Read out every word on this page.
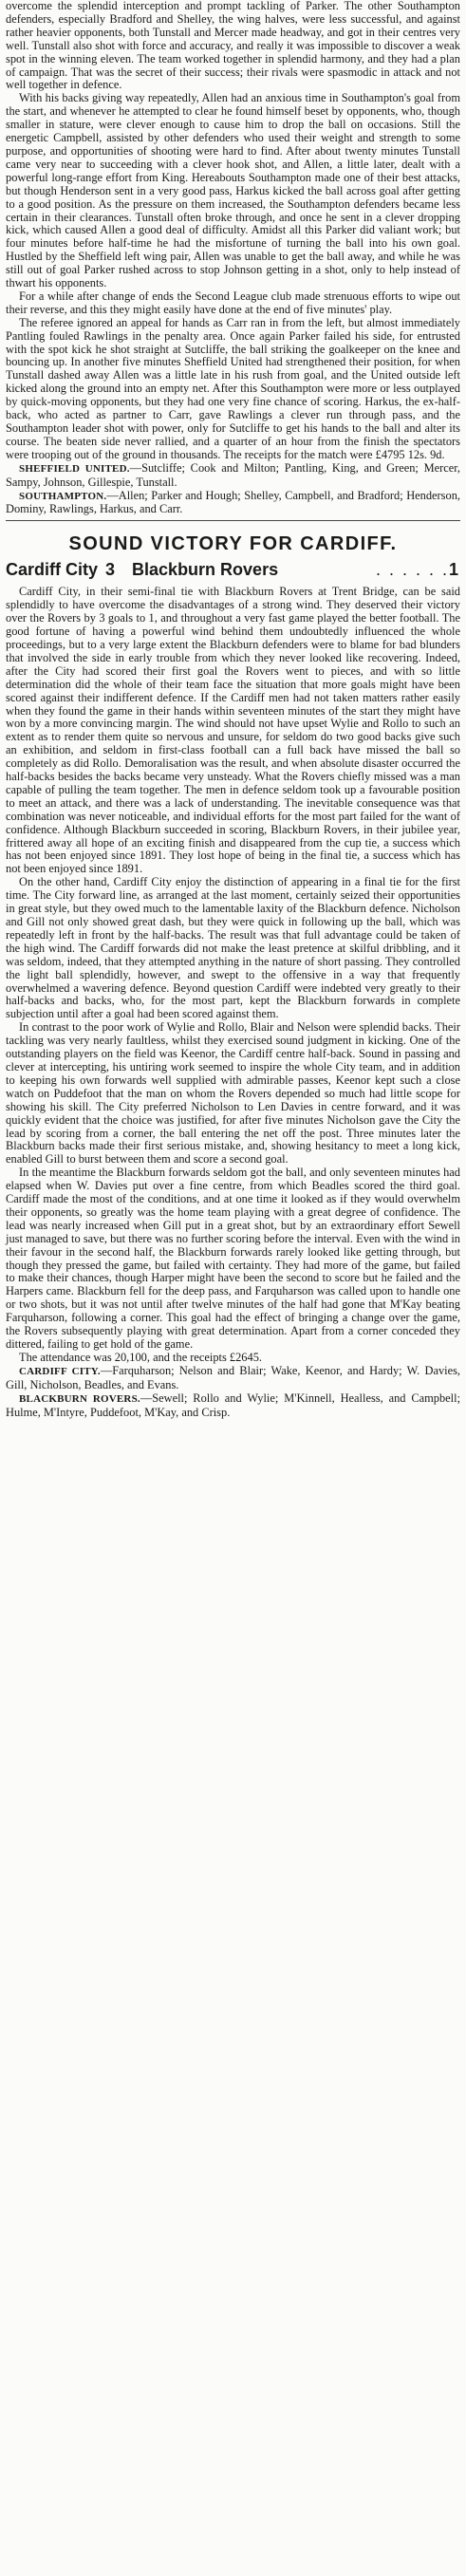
overcome the splendid interception and prompt tackling of Parker. The other Southampton defenders, especially Bradford and Shelley, the wing halves, were less successful, and against rather heavier opponents, both Tunstall and Mercer made headway, and got in their centres very well. Tunstall also shot with force and accuracy, and really it was impossible to discover a weak spot in the winning eleven. The team worked together in splendid harmony, and they had a plan of campaign. That was the secret of their success; their rivals were spasmodic in attack and not well together in defence.

With his backs giving way repeatedly, Allen had an anxious time in Southampton's goal from the start, and whenever he attempted to clear he found himself beset by opponents, who, though smaller in stature, were clever enough to cause him to drop the ball on occasions. Still the energetic Campbell, assisted by other defenders who used their weight and strength to some purpose, and opportunities of shooting were hard to find. After about twenty minutes Tunstall came very near to succeeding with a clever hook shot, and Allen, a little later, dealt with a powerful long-range effort from King. Hereabouts Southampton made one of their best attacks, but though Henderson sent in a very good pass, Harkus kicked the ball across goal after getting to a good position. As the pressure on them increased, the Southampton defenders became less certain in their clearances. Tunstall often broke through, and once he sent in a clever dropping kick, which caused Allen a good deal of difficulty. Amidst all this Parker did valiant work; but four minutes before half-time he had the misfortune of turning the ball into his own goal. Hustled by the Sheffield left wing pair, Allen was unable to get the ball away, and while he was still out of goal Parker rushed across to stop Johnson getting in a shot, only to help instead of thwart his opponents.

For a while after change of ends the Second League club made strenuous efforts to wipe out their reverse, and this they might easily have done at the end of five minutes' play.

The referee ignored an appeal for hands as Carr ran in from the left, but almost immediately Pantling fouled Rawlings in the penalty area. Once again Parker failed his side, for entrusted with the spot kick he shot straight at Sutcliffe, the ball striking the goalkeeper on the knee and bouncing up. In another five minutes Sheffield United had strengthened their position, for when Tunstall dashed away Allen was a little late in his rush from goal, and the United outside left kicked along the ground into an empty net. After this Southampton were more or less outplayed by quick-moving opponents, but they had one very fine chance of scoring. Harkus, the ex-half-back, who acted as partner to Carr, gave Rawlings a clever run through pass, and the Southampton leader shot with power, only for Sutcliffe to get his hands to the ball and alter its course. The beaten side never rallied, and a quarter of an hour from the finish the spectators were trooping out of the ground in thousands. The receipts for the match were £4795 12s. 9d.

SHEFFIELD UNITED.—Sutcliffe; Cook and Milton; Pantling, King, and Green; Mercer, Sampy, Johnson, Gillespie, Tunstall.

SOUTHAMPTON.—Allen; Parker and Hough; Shelley, Campbell, and Bradford; Henderson, Dominy, Rawlings, Harkus, and Carr.

SOUND VICTORY FOR CARDIFF.
Cardiff City 3	Blackburn Rovers	. . . . . . 1

Cardiff City, in their semi-final tie with Blackburn Rovers at Trent Bridge, can be said splendidly to have overcome the disadvantages of a strong wind. They deserved their victory over the Rovers by 3 goals to 1, and throughout a very fast game played the better football. The good fortune of having a powerful wind behind them undoubtedly influenced the whole proceedings, but to a very large extent the Blackburn defenders were to blame for bad blunders that involved the side in early trouble from which they never looked like recovering. Indeed, after the City had scored their first goal the Rovers went to pieces, and with so little determination did the whole of their team face the situation that more goals might have been scored against their indifferent defence. If the Cardiff men had not taken matters rather easily when they found the game in their hands within seventeen minutes of the start they might have won by a more convincing margin. The wind should not have upset Wylie and Rollo to such an extent as to render them quite so nervous and unsure, for seldom do two good backs give such an exhibition, and seldom in first-class football can a full back have missed the ball so completely as did Rollo. Demoralisation was the result, and when absolute disaster occurred the half-backs besides the backs became very unsteady. What the Rovers chiefly missed was a man capable of pulling the team together. The men in defence seldom took up a favourable position to meet an attack, and there was a lack of understanding. The inevitable consequence was that combination was never noticeable, and individual efforts for the most part failed for the want of confidence. Although Blackburn succeeded in scoring, Blackburn Rovers, in their jubilee year, frittered away all hope of an exciting finish and disappeared from the cup tie, a success which has not been enjoyed since 1891. They lost hope of being in the final tie, a success which has not been enjoyed since 1891.

On the other hand, Cardiff City enjoy the distinction of appearing in a final tie for the first time. The City forward line, as arranged at the last moment, certainly seized their opportunities in great style, but they owed much to the lamentable laxity of the Blackburn defence. Nicholson and Gill not only showed great dash, but they were quick in following up the ball, which was repeatedly left in front by the half-backs. The result was that full advantage could be taken of the high wind. The Cardiff forwards did not make the least pretence at skilful dribbling, and it was seldom, indeed, that they attempted anything in the nature of short passing. They controlled the light ball splendidly, however, and swept to the offensive in a way that frequently overwhelmed a wavering defence. Beyond question Cardiff were indebted very greatly to their half-backs and backs, who, for the most part, kept the Blackburn forwards in complete subjection until after a goal had been scored against them.

In contrast to the poor work of Wylie and Rollo, Blair and Nelson were splendid backs. Their tackling was very nearly faultless, whilst they exercised sound judgment in kicking. One of the outstanding players on the field was Keenor, the Cardiff centre half-back. Sound in passing and clever at intercepting, his untiring work seemed to inspire the whole City team, and in addition to keeping his own forwards well supplied with admirable passes, Keenor kept such a close watch on Puddefoot that the man on whom the Rovers depended so much had little scope for showing his skill. The City preferred Nicholson to Len Davies in centre forward, and it was quickly evident that the choice was justified, for after five minutes Nicholson gave the City the lead by scoring from a corner, the ball entering the net off the post. Three minutes later the Blackburn backs made their first serious mistake, and, showing hesitancy to meet a long kick, enabled Gill to burst between them and score a second goal.

In the meantime the Blackburn forwards seldom got the ball, and only seventeen minutes had elapsed when W. Davies put over a fine centre, from which Beadles scored the third goal. Cardiff made the most of the conditions, and at one time it looked as if they would overwhelm their opponents, so greatly was the home team playing with a great degree of confidence. The lead was nearly increased when Gill put in a great shot, but by an extraordinary effort Sewell just managed to save, but there was no further scoring before the interval. Even with the wind in their favour in the second half, the Blackburn forwards rarely looked like getting through, but though they pressed the game, but failed with certainty. They had more of the game, but failed to make their chances, though Harper might have been the second to score but he failed and the Harpers came. Blackburn fell for the deep pass, and Farquharson was called upon to handle one or two shots, but it was not until after twelve minutes of the half had gone that M'Kay beating Farquharson, following a corner. This goal had the effect of bringing a change over the game, the Rovers subsequently playing with great determination. Apart from a corner conceded they dittered, failing to get hold of the game.

The attendance was 20,100, and the receipts £2645.

CARDIFF CITY.—Farquharson; Nelson and Blair; Wake, Keenor, and Hardy; W. Davies, Gill, Nicholson, Beadles, and Evans.

BLACKBURN ROVERS.—Sewell; Rollo and Wylie; M'Kinnell, Healless, and Campbell; Hulme, M'Intyre, Puddefoot, M'Kay, and Crisp.
